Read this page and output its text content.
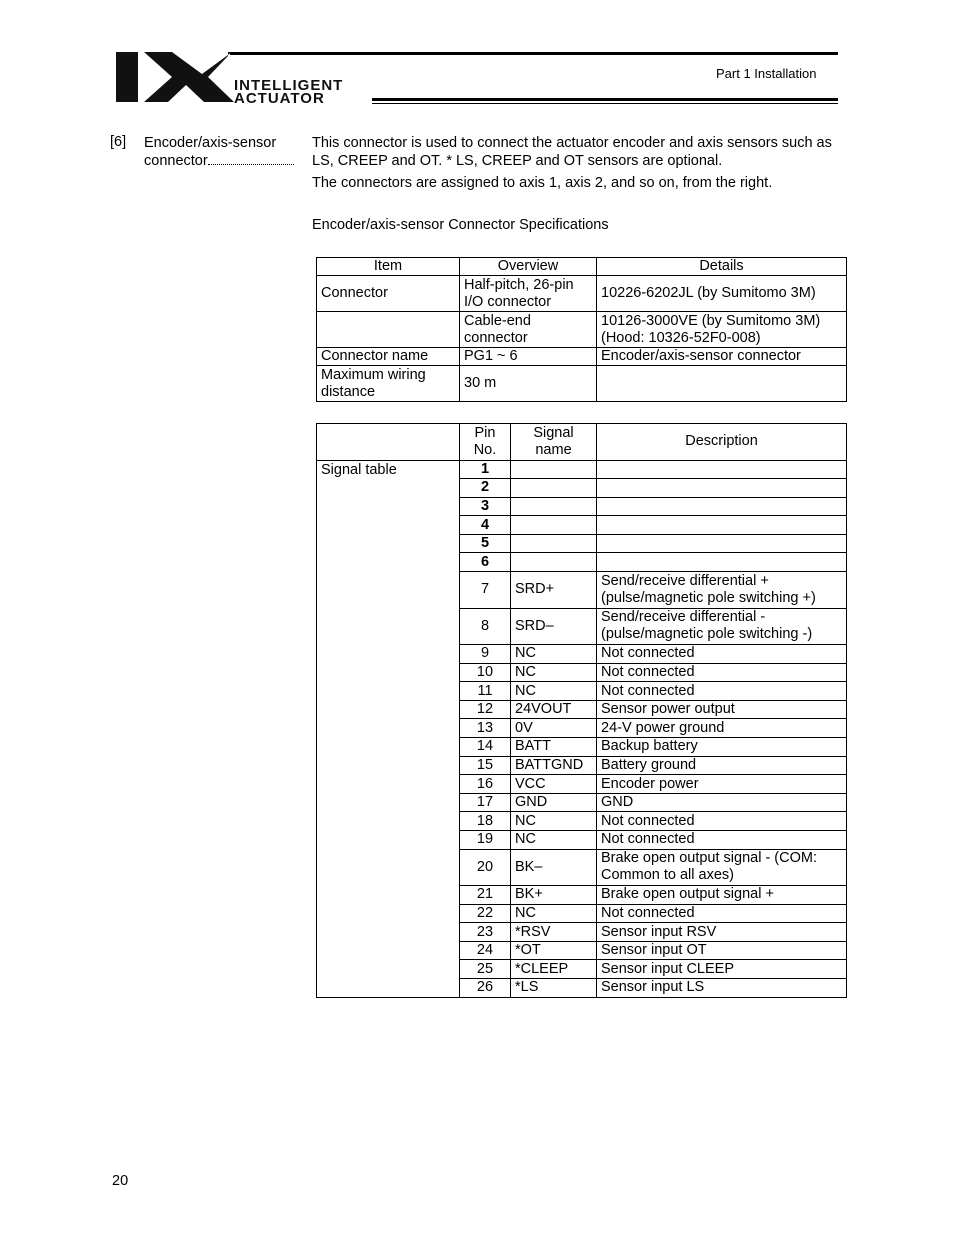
INTELLIGENT
ACTUATOR
Part 1 Installation
[6] Encoder/axis-sensor
connector
This connector is used to connect the actuator encoder and axis sensors such as LS, CREEP and OT. * LS, CREEP and OT sensors are optional.
The connectors are assigned to axis 1, axis 2, and so on, from the right.
Encoder/axis-sensor Connector Specifications
Item	Overview	Details
Connector	Half-pitch, 26-pin I/O connector	10226-6202JL (by Sumitomo 3M)
	Cable-end connector	10126-3000VE (by Sumitomo 3M) (Hood: 10326-52F0-008)
Connector name	PG1 ~ 6	Encoder/axis-sensor connector
Maximum wiring distance	30 m	
	Pin No.	Signal name	Description
Signal table	1		
	2		
	3		
	4		
	5		
	6		
	7	SRD+	Send/receive differential + (pulse/magnetic pole switching +)
	8	SRD–	Send/receive differential - (pulse/magnetic pole switching -)
	9	NC	Not connected
	10	NC	Not connected
	11	NC	Not connected
	12	24VOUT	Sensor power output
	13	0V	24-V power ground
	14	BATT	Backup battery
	15	BATTGND	Battery ground
	16	VCC	Encoder power
	17	GND	GND
	18	NC	Not connected
	19	NC	Not connected
	20	BK–	Brake open output signal - (COM: Common to all axes)
	21	BK+	Brake open output signal +
	22	NC	Not connected
	23	*RSV	Sensor input RSV
	24	*OT	Sensor input OT
	25	*CLEEP	Sensor input CLEEP
	26	*LS	Sensor input LS
20
